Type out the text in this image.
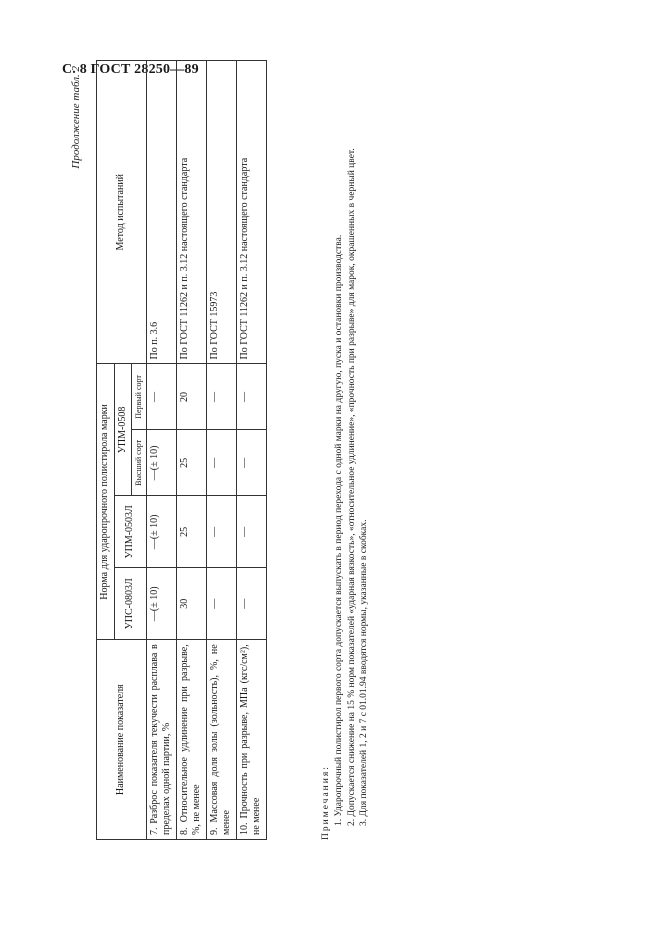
С. 8 ГОСТ 28250—89
Продолжение табл. 2
Наименование показателя	Норма для ударопрочного полистирола марки				Метод испытаний
	УПС-0803Л	УПМ-0503Л	УПМ-0508		
			Высший сорт	Первый сорт	
7. Разброс показателя текучести расплава в пределах одной партии, %	—(± 10)	—(± 10)	—(± 10)	—	По п. 3.6
8. Относительное удлинение при разрыве, %, не менее	30	25	25	20	По ГОСТ 11262 и п. 3.12 настоящего стандарта
9. Массовая доля золы (зольность), %, не менее	—	—	—	—	По ГОСТ 15973
10. Прочность при разрыве, МПа (кгс/см²), не менее	—	—	—	—	По ГОСТ 11262 и п. 3.12 настоящего стандарта

Примечания: 1. Ударопрочный полистирол первого сорта допускается выпускать в период перехода с одной марки на другую, пуска и остановки производства. 2. Допускается снижение на 15 % норм показателей «ударная вязкость», «относительное удлинение», «прочность при разрыве» для марок, окрашенных в черный цвет. 3. Для показателей 1, 2 и 7 с 01.01.94 вводятся нормы, указанные в скобках.
